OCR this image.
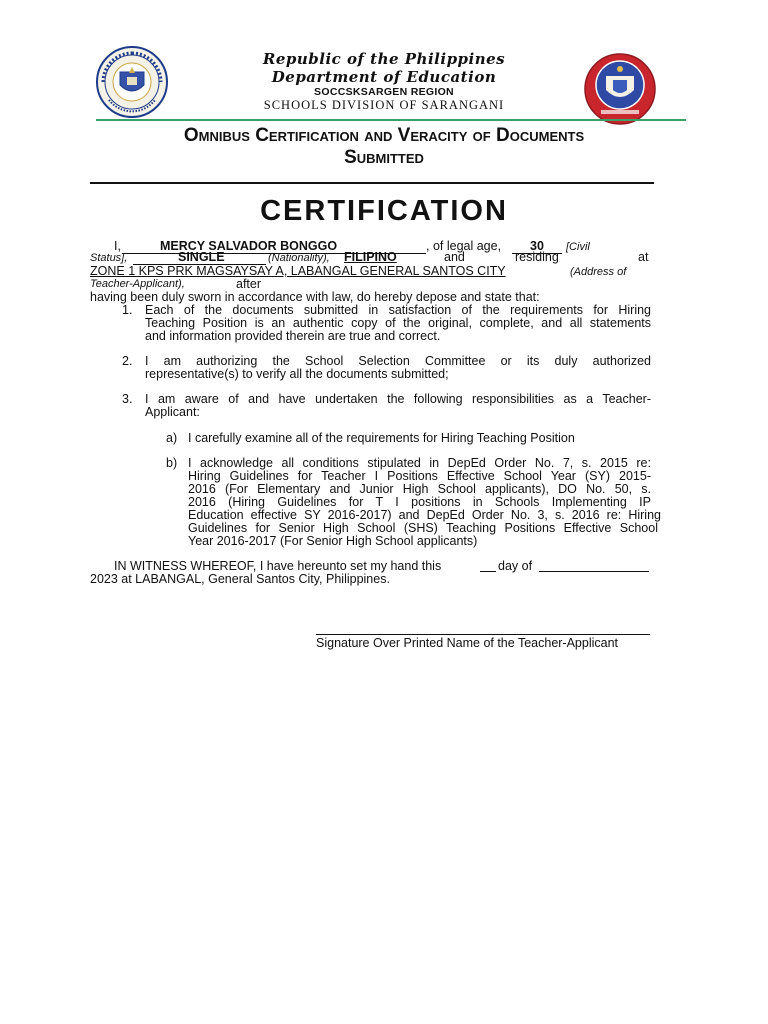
Republic of the Philippines
Department of Education
SOCCSKSARGEN REGION
SCHOOLS DIVISION OF SARANGANI
Omnibus Certification and Veracity of Documents
Submitted
CERTIFICATION
I,	MERCY SALVADOR BONGGO	, of legal age,	30	[Civil
Status],	SINGLE	(Nationality), FILIPINO	and	residing	at
ZONE 1 KPS PRK MAGSAYSAY A, LABANGAL GENERAL SANTOS CITY	(Address of
Teacher-Applicant),	after
having been duly sworn in accordance with law, do hereby depose and state that:
1. Each of the documents submitted in satisfaction of the requirements for Hiring
Teaching Position is an authentic copy of the original, complete, and all statements
and information provided therein are true and correct.
2. I am authorizing the School Selection Committee or its duly authorized
representative(s) to verify all the documents submitted;
3. I am aware of and have undertaken the following responsibilities as a Teacher-
Applicant:
a) I carefully examine all of the requirements for Hiring Teaching Position
b) I acknowledge all conditions stipulated in DepEd Order No. 7, s. 2015 re:
Hiring Guidelines for Teacher I Positions Effective School Year (SY) 2015-
2016 (For Elementary and Junior High School applicants), DO No. 50, s.
2016 (Hiring Guidelines for T I positions in Schools Implementing IP
Education effective SY 2016-2017) and DepEd Order No. 3, s. 2016 re: Hiring
Guidelines for Senior High School (SHS) Teaching Positions Effective School
Year 2016-2017 (For Senior High School applicants)
IN WITNESS WHEREOF, I have hereunto set my hand this	day of
2023 at LABANGAL, General Santos City, Philippines.
Signature Over Printed Name of the Teacher-Applicant
